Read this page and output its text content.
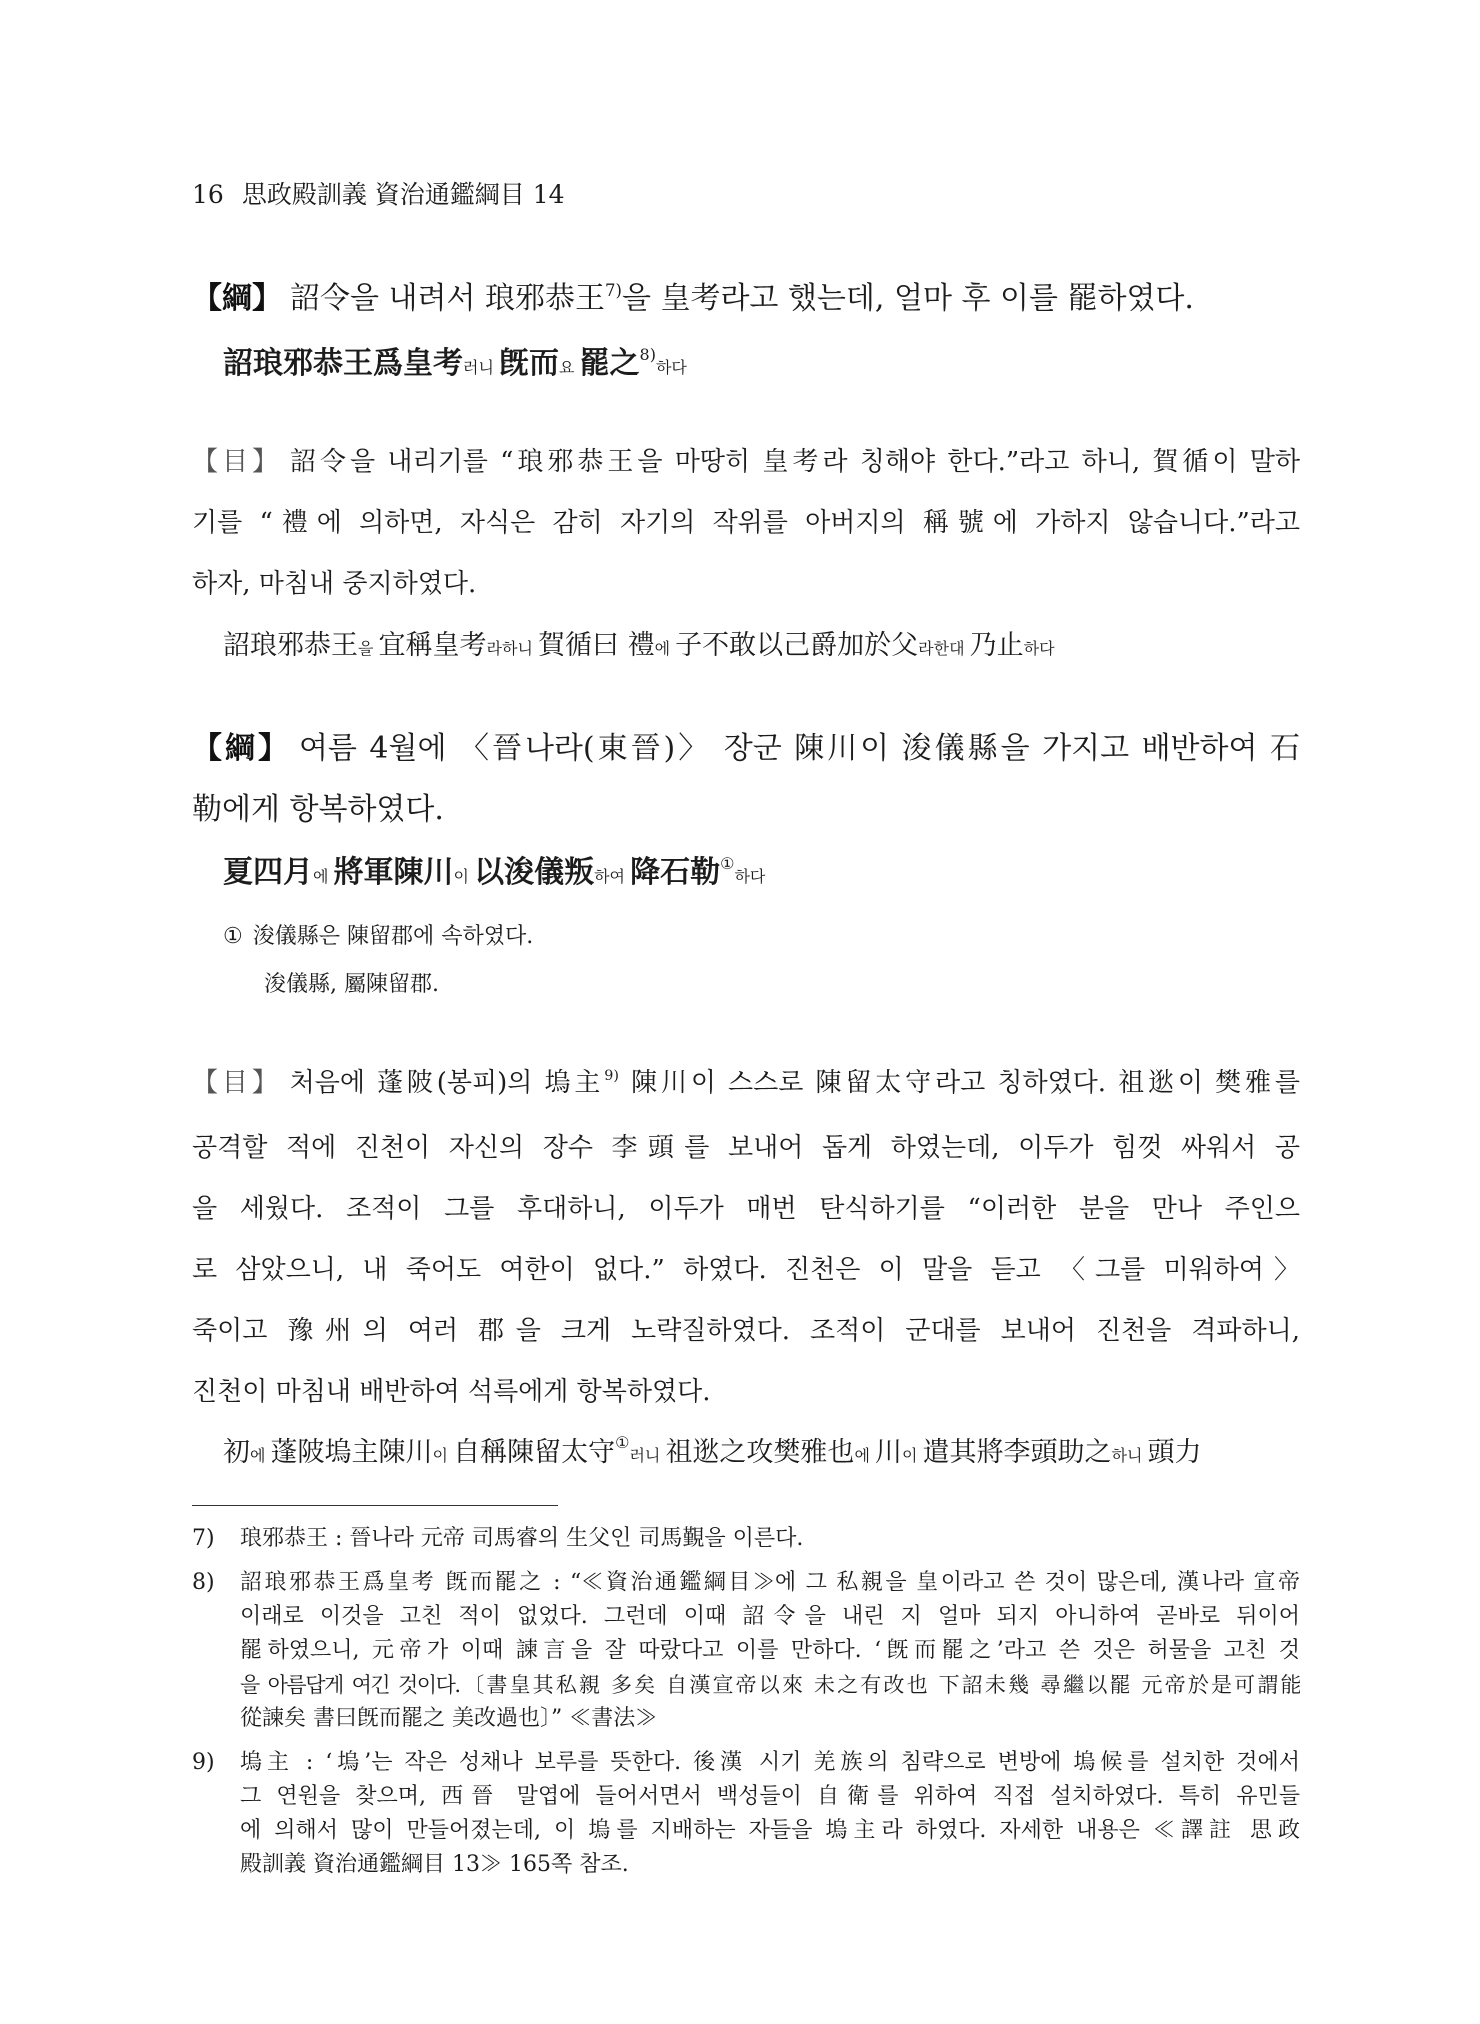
16 思政殿訓義 資治通鑑綱目 14
【綱】 詔令을 내려서 琅邪恭王$^{7)}$을 皇考라고 했는데, 얼마 후 이를 罷하였다.
詔琅邪恭王爲皇考러니 旣而요 罷之$^{8)}$하다
【目】 詔令을 내리기를 “琅邪恭王을 마땅히 皇考라 칭해야 한다.”라고 하니, 賀循이 말하
기를 “禮에 의하면, 자식은 감히 자기의 작위를 아버지의 稱號에 가하지 않습니다.”라고
하자, 마침내 중지하였다.
詔琅邪恭王을 宜稱皇考라하니 賀循曰 禮에 子不敢以己爵加於父라한대 乃止하다
【綱】 여름 4월에 〈晉나라(東晉)〉 장군 陳川이 浚儀縣을 가지고 배반하여 石
勒에게 항복하였다.
夏四月에 將軍陳川이 以浚儀叛하여 降石勒①하다
① 浚儀縣은 陳留郡에 속하였다.
浚儀縣, 屬陳留郡.
【目】 처음에 蓬陂(봉피)의 塢主$^{9)}$ 陳川이 스스로 陳留太守라고 칭하였다. 祖逖이 樊雅를
공격할 적에 진천이 자신의 장수 李頭를 보내어 돕게 하였는데, 이두가 힘껏 싸워서 공
을 세웠다. 조적이 그를 후대하니, 이두가 매번 탄식하기를 “이러한 분을 만나 주인으
로 삼았으니, 내 죽어도 여한이 없다.” 하였다. 진천은 이 말을 듣고 〈그를 미워하여〉
죽이고 豫州의 여러 郡을 크게 노략질하였다. 조적이 군대를 보내어 진천을 격파하니,
진천이 마침내 배반하여 석륵에게 항복하였다.
初에 蓬陂塢主陳川이 自稱陳留太守①러니 祖逖之攻樊雅也에 川이 遣其將李頭助之하니 頭力
7)	琅邪恭王 : 晉나라 元帝 司馬睿의 生父인 司馬覲을 이른다.
8)	詔琅邪恭王爲皇考 旣而罷之 : “≪資治通鑑綱目≫에 그 私親을 皇이라고 쓴 것이 많은데, 漢나라 宣帝
이래로 이것을 고친 적이 없었다. 그런데 이때 詔令을 내린 지 얼마 되지 아니하여 곧바로 뒤이어
罷하였으니, 元帝가 이때 諫言을 잘 따랐다고 이를 만하다. ‘旣而罷之’라고 쓴 것은 허물을 고친 것
을 아름답게 여긴 것이다.〔書皇其私親 多矣 自漢宣帝以來 未之有改也 下詔未幾 尋繼以罷 元帝於是可謂能
從諫矣 書曰旣而罷之 美改過也〕” ≪書法≫
9)	塢主 : ‘塢’는 작은 성채나 보루를 뜻한다. 後漢 시기 羌族의 침략으로 변방에 塢候를 설치한 것에서
그 연원을 찾으며, 西晉 말엽에 들어서면서 백성들이 自衛를 위하여 직접 설치하였다. 특히 유민들
에 의해서 많이 만들어졌는데, 이 塢를 지배하는 자들을 塢主라 하였다. 자세한 내용은 ≪譯註 思政
殿訓義 資治通鑑綱目 13≫ 165쪽 참조.
